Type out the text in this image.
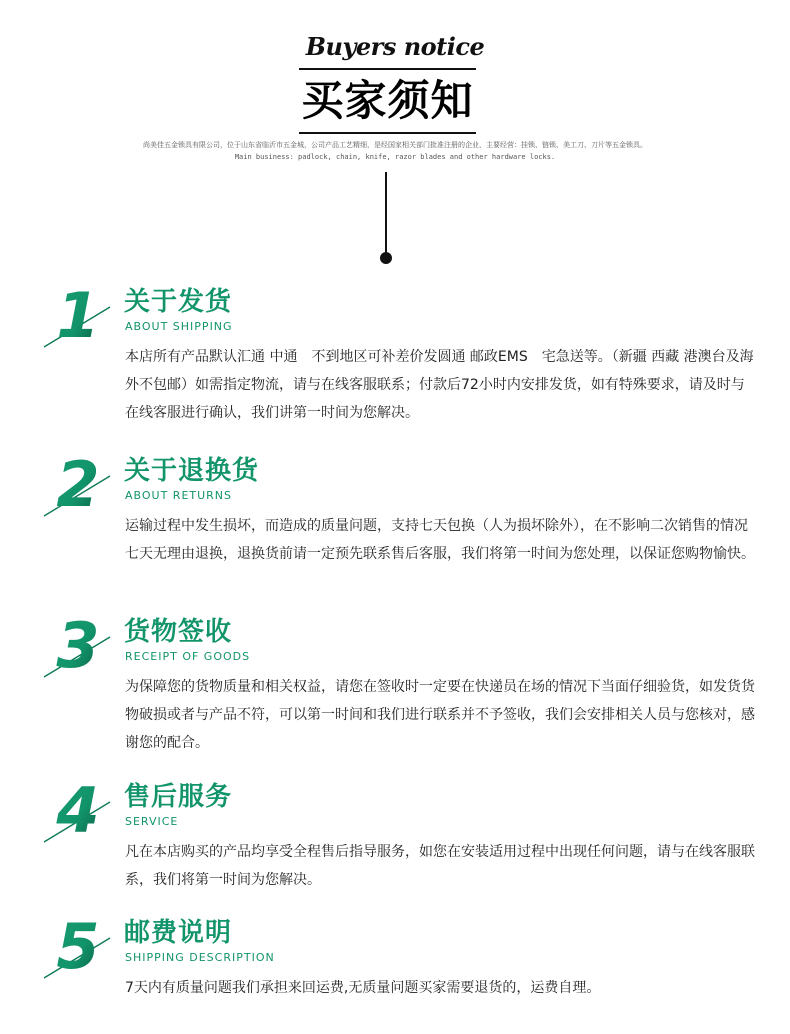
Buyers notice
买家须知
尚美佳五金锁具有限公司，位于山东省临沂市五金城，公司产品工艺精细，是经国家相关部门批准注册的企业，主要经营：挂锁、链锁、美工刀、刀片等五金锁具。
Main business: padlock, chain, knife, razor blades and other hardware locks.
1 关于发货
ABOUT SHIPPING
本店所有产品默认汇通 中通　不到地区可补差价发圆通 邮政EMS　宅急送等。（新疆 西藏 港澳台及海外不包邮）如需指定物流，请与在线客服联系；付款后72小时内安排发货，如有特殊要求，请及时与在线客服进行确认，我们讲第一时间为您解决。
2 关于退换货
ABOUT RETURNS
运输过程中发生损坏，而造成的质量问题，支持七天包换（人为损坏除外），在不影响二次销售的情况七天无理由退换，退换货前请一定预先联系售后客服，我们将第一时间为您处理，以保证您购物愉快。
3 货物签收
RECEIPT OF GOODS
为保障您的货物质量和相关权益，请您在签收时一定要在快递员在场的情况下当面仔细验货，如发货货物破损或者与产品不符，可以第一时间和我们进行联系并不予签收，我们会安排相关人员与您核对，感谢您的配合。
4 售后服务
SERVICE
凡在本店购买的产品均享受全程售后指导服务，如您在安装适用过程中出现任何问题，请与在线客服联系，我们将第一时间为您解决。
5 邮费说明
SHIPPING DESCRIPTION
7天内有质量问题我们承担来回运费,无质量问题买家需要退货的，运费自理。
